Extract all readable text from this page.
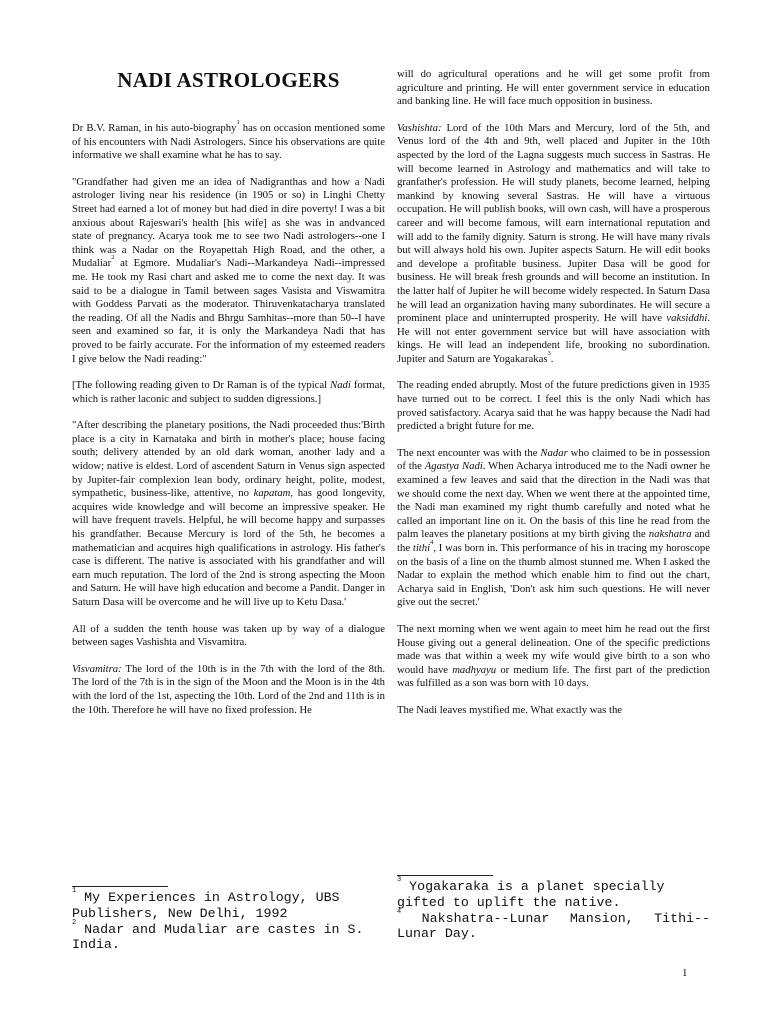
NADI ASTROLOGERS

Dr B.V. Raman, in his auto-biography$^1$ has on occasion mentioned some of his encounters with Nadi Astrologers. Since his observations are quite informative we shall examine what he has to say.

"Grandfather had given me an idea of Nadigranthas and how a Nadi astrologer living near his residence (in 1905 or so) in Linghi Chetty Street had earned a lot of money but had died in dire poverty! I was a bit anxious about Rajeswari's health [his wife] as she was in andvanced state of pregnancy. Acarya took me to see two Nadi astrologers--one I think was a Nadar on the Royapettah High Road, and the other, a Mudaliar$^2$ at Egmore. Mudaliar's Nadi--Markandeya Nadi--impressed me. He took my Rasi chart and asked me to come the next day. It was said to be a dialogue in Tamil between sages Vasista and Viswamitra with Goddess Parvati as the moderator. Thiruvenkatacharya translated the reading. Of all the Nadis and Bhrgu Samhitas--more than 50--I have seen and examined so far, it is only the Markandeya Nadi that has proved to be fairly accurate. For the information of my esteemed readers I give below the Nadi reading:"

[The following reading given to Dr Raman is of the typical Nadi format, which is rather laconic and subject to sudden digressions.]

"After describing the planetary positions, the Nadi proceeded thus:'Birth place is a city in Karnataka and birth in mother's place; house facing south; delivery attended by an old dark woman, another lady and a widow; native is eldest. Lord of ascendent Saturn in Venus sign aspected by Jupiter-fair complexion lean body, ordinary height, polite, modest, sympathetic, business-like, attentive, no kapatam, has good longevity, acquires wide knowledge and will become an impressive speaker. He will have frequent travels. Helpful, he will become happy and surpasses his grandfather. Because Mercury is lord of the 5th, he becomes a mathematician and acquires high qualifications in astrology. His father's case is different. The native is associated with his grandfather and will earn much reputation. The lord of the 2nd is strong aspecting the Moon and Saturn. He will have high education and become a Pandit. Danger in Saturn Dasa will be overcome and he will live up to Ketu Dasa.'

All of a sudden the tenth house was taken up by way of a dialogue between sages Vashishta and Visvamitra.

Visvamitra: The lord of the 10th is in the 7th with the lord of the 8th. The lord of the 7th is in the sign of the Moon and the Moon is in the 4th with the lord of the 1st, aspecting the 10th. Lord of the 2nd and 11th is in the 10th. Therefore he will have no fixed profession. He

$^1$ My Experiences in Astrology, UBS Publishers, New Delhi, 1992

$^2$ Nadar and Mudaliar are castes in S. India.

will do agricultural operations and he will get some profit from agriculture and printing. He will enter government service in education and banking line. He will face much opposition in business.

Vashishta: Lord of the 10th Mars and Mercury, lord of the 5th, and Venus lord of the 4th and 9th, well placed and Jupiter in the 10th aspected by the lord of the Lagna suggests much success in Sastras. He will become learned in Astrology and mathematics and will take to granfather's profession. He will study planets, become learned, helping mankind by knowing several Sastras. He will have a virtuous occupation. He will publish books, will own cash, will have a prosperous career and will become famous, will earn international reputation and will add to the family dignity. Saturn is strong. He will have many rivals but will always hold his own. Jupiter aspects Saturn. He will edit books and develope a profitable business. Jupiter Dasa will be good for business. He will break fresh grounds and will become an institution. In the latter half of Jupiter he will become widely respected. In Saturn Dasa he will lead an organization having many subordinates. He will secure a prominent place and uninterrupted prosperity. He will have vaksiddhi. He will not enter government service but will have association with kings. He will lead an independent life, brooking no subordination. Jupiter and Saturn are Yogakarakas$^3$.

The reading ended abruptly. Most of the future predictions given in 1935 have turned out to be correct. I feel this is the only Nadi which has proved satisfactory. Acarya said that he was happy because the Nadi had predicted a bright future for me.

The next encounter was with the Nadar who claimed to be in possession of the Agastya Nadi. When Acharya introduced me to the Nadi owner he examined a few leaves and said that the direction in the Nadi was that we should come the next day. When we went there at the appointed time, the Nadi man examined my right thumb carefully and noted what he called an important line on it. On the basis of this line he read from the palm leaves the planetary positions at my birth giving the nakshatra and the tithi$^4$, I was born in. This performance of his in tracing my horoscope on the basis of a line on the thumb almost stunned me. When I asked the Nadar to explain the method which enable him to find out the chart, Acharya said in English, 'Don't ask him such questions. He will never give out the secret.'

The next morning when we went again to meet him he read out the first House giving out a general delineation. One of the specific predictions made was that within a week my wife would give birth to a son who would have madhyayu or medium life. The first part of the prediction was fulfilled as a son was born with 10 days.

The Nadi leaves mystified me. What exactly was the

$^3$ Yogakaraka is a planet specially gifted to uplift the native.

$^4$ Nakshatra--Lunar Mansion, Tithi--Lunar Day.

1
